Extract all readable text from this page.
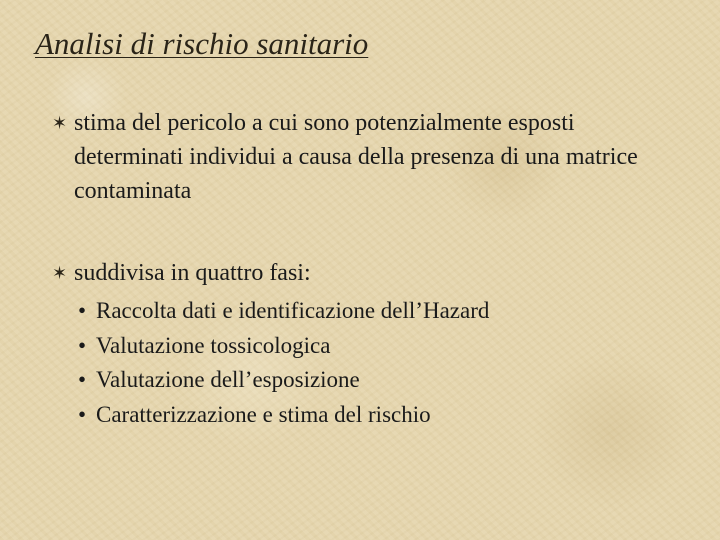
Analisi di rischio sanitario
✶ stima del pericolo a cui sono potenzialmente esposti determinati individui a causa della presenza di una matrice contaminata
✶ suddivisa in quattro fasi:
• Raccolta dati e identificazione dell’Hazard
• Valutazione tossicologica
• Valutazione dell’esposizione
• Caratterizzazione e stima del rischio
